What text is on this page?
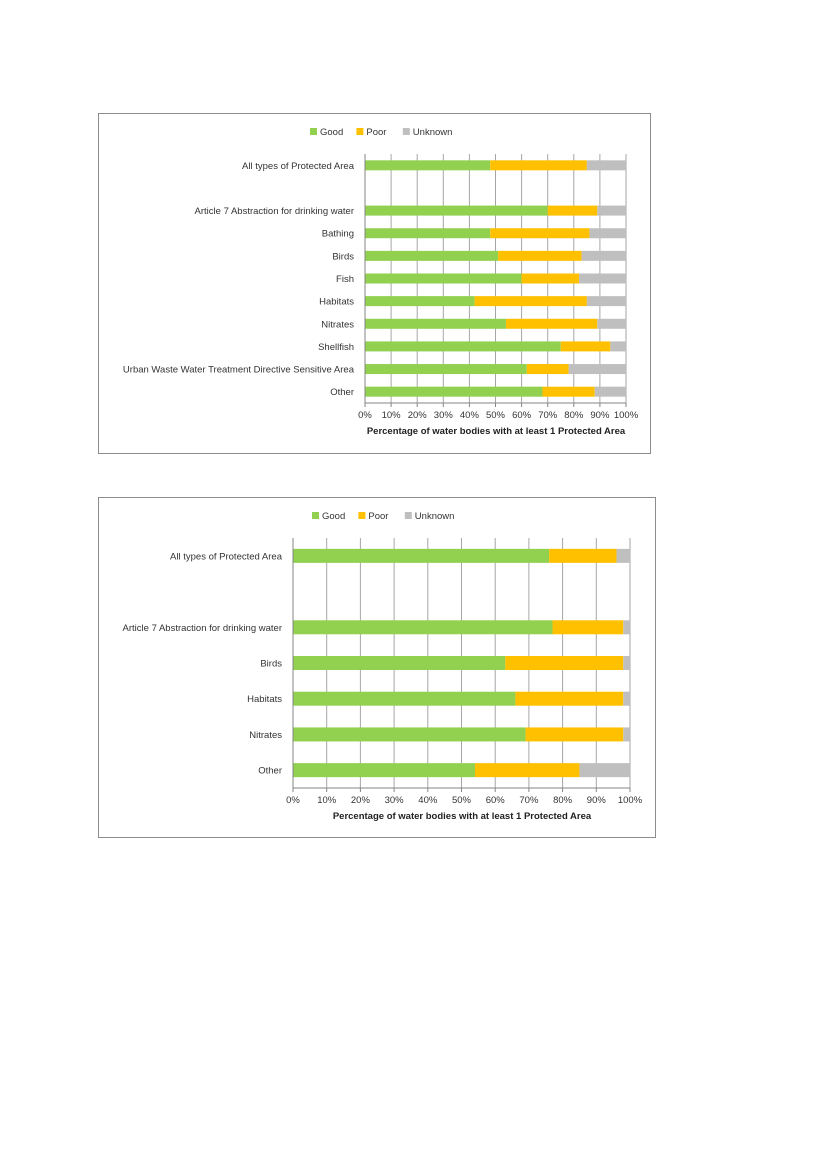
All types of Protected Area
Article 7 Abstraction for drinking water
Bathing
Birds
Fish
Habitats
Nitrates
Shellfish
Urban Waste Water Treatment Directive Sensitive Area
Other
0% 10% 20% 30% 40% 50% 60% 70% 80% 90% 100%
Percentage of water bodies with at least 1 Protected Area
Good Poor	Unknown
All types of Protected Area
Article 7 Abstraction for drinking water
Birds
Habitats
Nitrates
Other
0% 10% 20% 30% 40% 50% 60% 70% 80% 90% 100%
Percentage of water bodies with at least 1 Protected Area
Good Poor	Unknown
